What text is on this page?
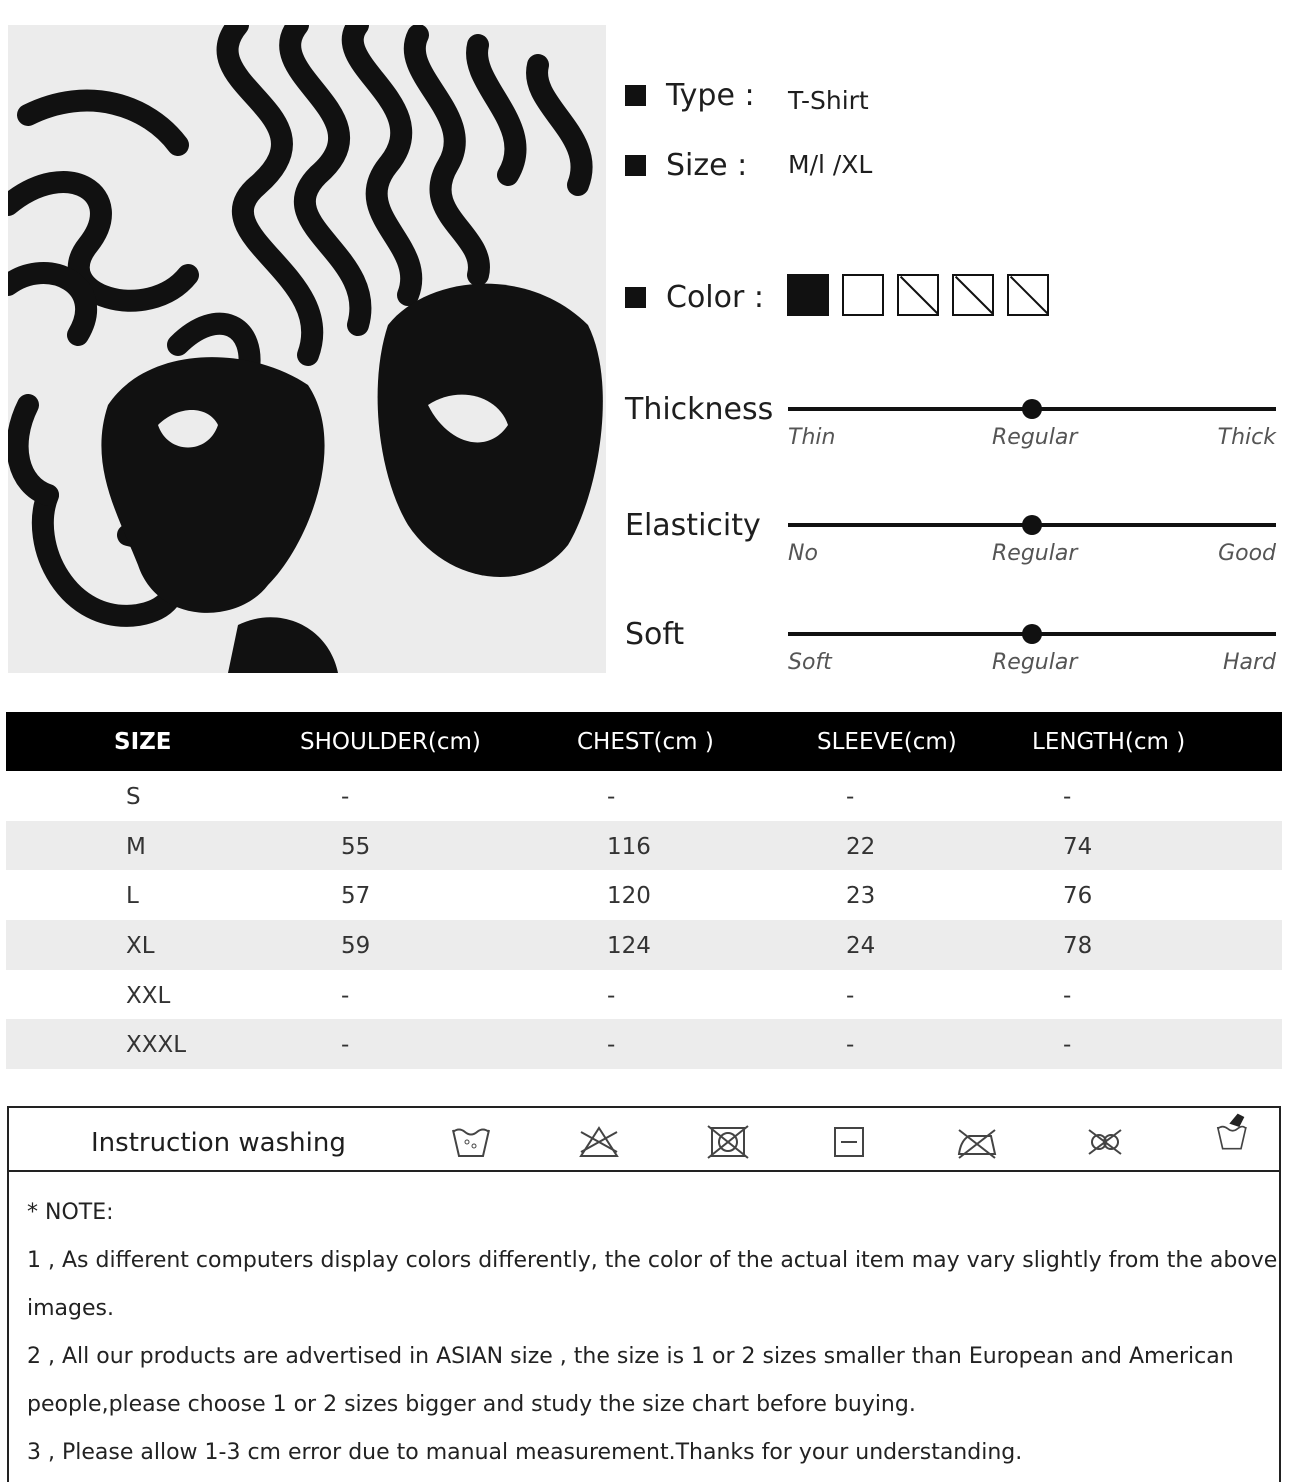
Type :	T-Shirt
Size :	M/l /XL
Color :
Thickness
Thin	Regular	Thick
Elasticity
No	Regular	Good
Soft
Soft	Regular	Hard
SIZE	SHOULDER(cm)	CHEST(cm )	SLEEVE(cm)	LENGTH(cm )
S	-	-	-	-
M	55	116	22	74
L	57	120	23	76
XL	59	124	24	78
XXL	-	-	-	-
XXXL	-	-	-	-
Instruction washing
* NOTE:
1 , As different computers display colors differently, the color of the actual item may vary slightly from the above
images.
2 , All our products are advertised in ASIAN size , the size is 1 or 2 sizes smaller than European and American
people,please choose 1 or 2 sizes bigger and study the size chart before buying.
3 , Please allow 1-3 cm error due to manual measurement.Thanks for your understanding.
